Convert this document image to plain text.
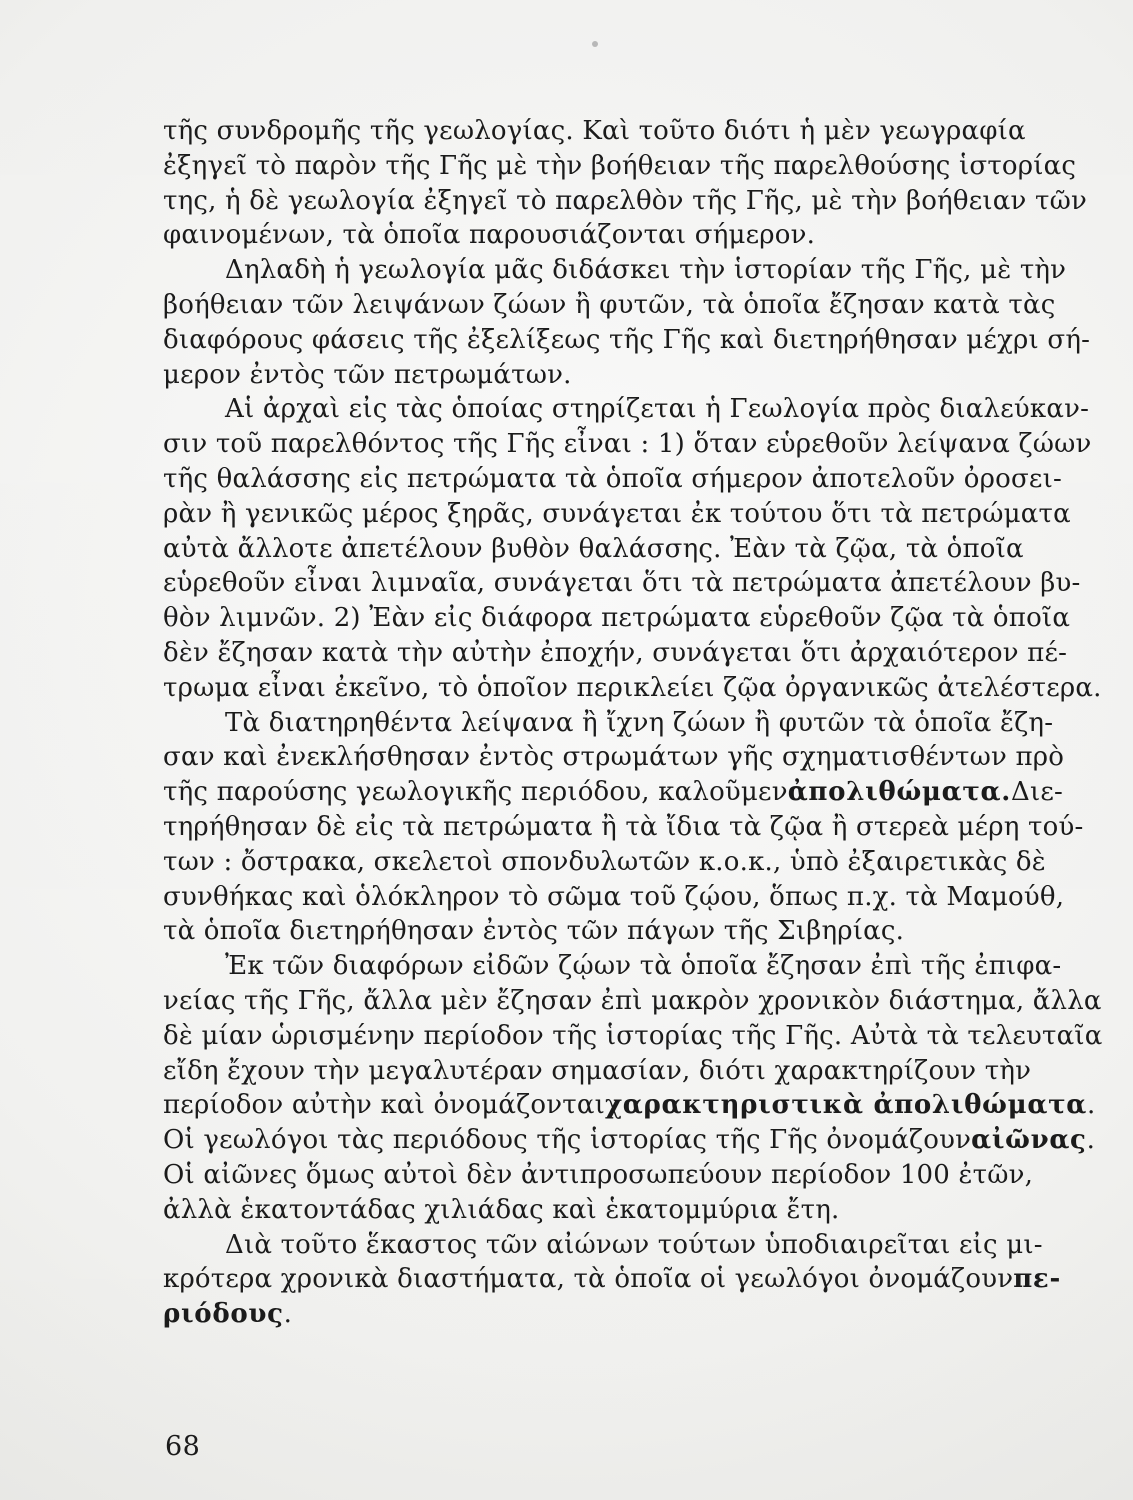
τῆς συνδρομῆς τῆς γεωλογίας. Καὶ τοῦτο διότι ἡ μὲν γεωγραφία
ἐξηγεῖ τὸ παρὸν τῆς Γῆς μὲ τὴν βοήθειαν τῆς παρελθούσης ἱστορίας
της, ἡ δὲ γεωλογία ἐξηγεῖ τὸ παρελθὸν τῆς Γῆς, μὲ τὴν βοήθειαν τῶν
φαινομένων, τὰ ὁποῖα παρουσιάζονται σήμερον.
Δηλαδὴ ἡ γεωλογία μᾶς διδάσκει τὴν ἱστορίαν τῆς Γῆς, μὲ τὴν
βοήθειαν τῶν λειψάνων ζώων ἢ φυτῶν, τὰ ὁποῖα ἔζησαν κατὰ τὰς
διαφόρους φάσεις τῆς ἐξελίξεως τῆς Γῆς καὶ διετηρήθησαν μέχρι σή-
μερον ἐντὸς τῶν πετρωμάτων.
Αἱ ἀρχαὶ εἰς τὰς ὁποίας στηρίζεται ἡ Γεωλογία πρὸς διαλεύκαν-
σιν τοῦ παρελθόντος τῆς Γῆς εἶναι : 1) ὅταν εὑρεθοῦν λείψανα ζώων
τῆς θαλάσσης εἰς πετρώματα τὰ ὁποῖα σήμερον ἀποτελοῦν ὀροσει-
ρὰν ἢ γενικῶς μέρος ξηρᾶς, συνάγεται ἐκ τούτου ὅτι τὰ πετρώματα
αὐτὰ ἄλλοτε ἀπετέλουν βυθὸν θαλάσσης. Ἐὰν τὰ ζῷα, τὰ ὁποῖα
εὑρεθοῦν εἶναι λιμναῖα, συνάγεται ὅτι τὰ πετρώματα ἀπετέλουν βυ-
θὸν λιμνῶν. 2) Ἐὰν εἰς διάφορα πετρώματα εὑρεθοῦν ζῷα τὰ ὁποῖα
δὲν ἔζησαν κατὰ τὴν αὐτὴν ἐποχήν, συνάγεται ὅτι ἀρχαιότερον πέ-
τρωμα εἶναι ἐκεῖνο, τὸ ὁποῖον περικλείει ζῷα ὀργανικῶς ἀτελέστερα.
Τὰ διατηρηθέντα λείψανα ἢ ἴχνη ζώων ἢ φυτῶν τὰ ὁποῖα ἔζη-
σαν καὶ ἐνεκλήσθησαν ἐντὸς στρωμάτων γῆς σχηματισθέντων πρὸ
τῆς παρούσης γεωλογικῆς περιόδου, καλοῦμενἀπολιθώματα.Διε-
τηρήθησαν δὲ εἰς τὰ πετρώματα ἢ τὰ ἴδια τὰ ζῷα ἢ στερεὰ μέρη τού-
των : ὄστρακα, σκελετοὶ σπονδυλωτῶν κ.ο.κ., ὑπὸ ἐξαιρετικὰς δὲ
συνθήκας καὶ ὁλόκληρον τὸ σῶμα τοῦ ζῴου, ὅπως π.χ. τὰ Μαμούθ,
τὰ ὁποῖα διετηρήθησαν ἐντὸς τῶν πάγων τῆς Σιβηρίας.
Ἐκ τῶν διαφόρων εἰδῶν ζῴων τὰ ὁποῖα ἔζησαν ἐπὶ τῆς ἐπιφα-
νείας τῆς Γῆς, ἄλλα μὲν ἔζησαν ἐπὶ μακρὸν χρονικὸν διάστημα, ἄλλα
δὲ μίαν ὡρισμένην περίοδον τῆς ἱστορίας τῆς Γῆς. Αὐτὰ τὰ τελευταῖα
εἴδη ἔχουν τὴν μεγαλυτέραν σημασίαν, διότι χαρακτηρίζουν τὴν
περίοδον αὐτὴν καὶ ὀνομάζονταιχαρακτηριστικὰ ἀπολιθώματα.
Οἱ γεωλόγοι τὰς περιόδους τῆς ἱστορίας τῆς Γῆς ὀνομάζουναἰῶνας.
Οἱ αἰῶνες ὅμως αὐτοὶ δὲν ἀντιπροσωπεύουν περίοδον 100 ἐτῶν,
ἀλλὰ ἑκατοντάδας χιλιάδας καὶ ἑκατομμύρια ἔτη.
Διὰ τοῦτο ἕκαστος τῶν αἰώνων τούτων ὑποδιαιρεῖται εἰς μι-
κρότερα χρονικὰ διαστήματα, τὰ ὁποῖα οἱ γεωλόγοι ὀνομάζουνπε-
ριόδους .
68
